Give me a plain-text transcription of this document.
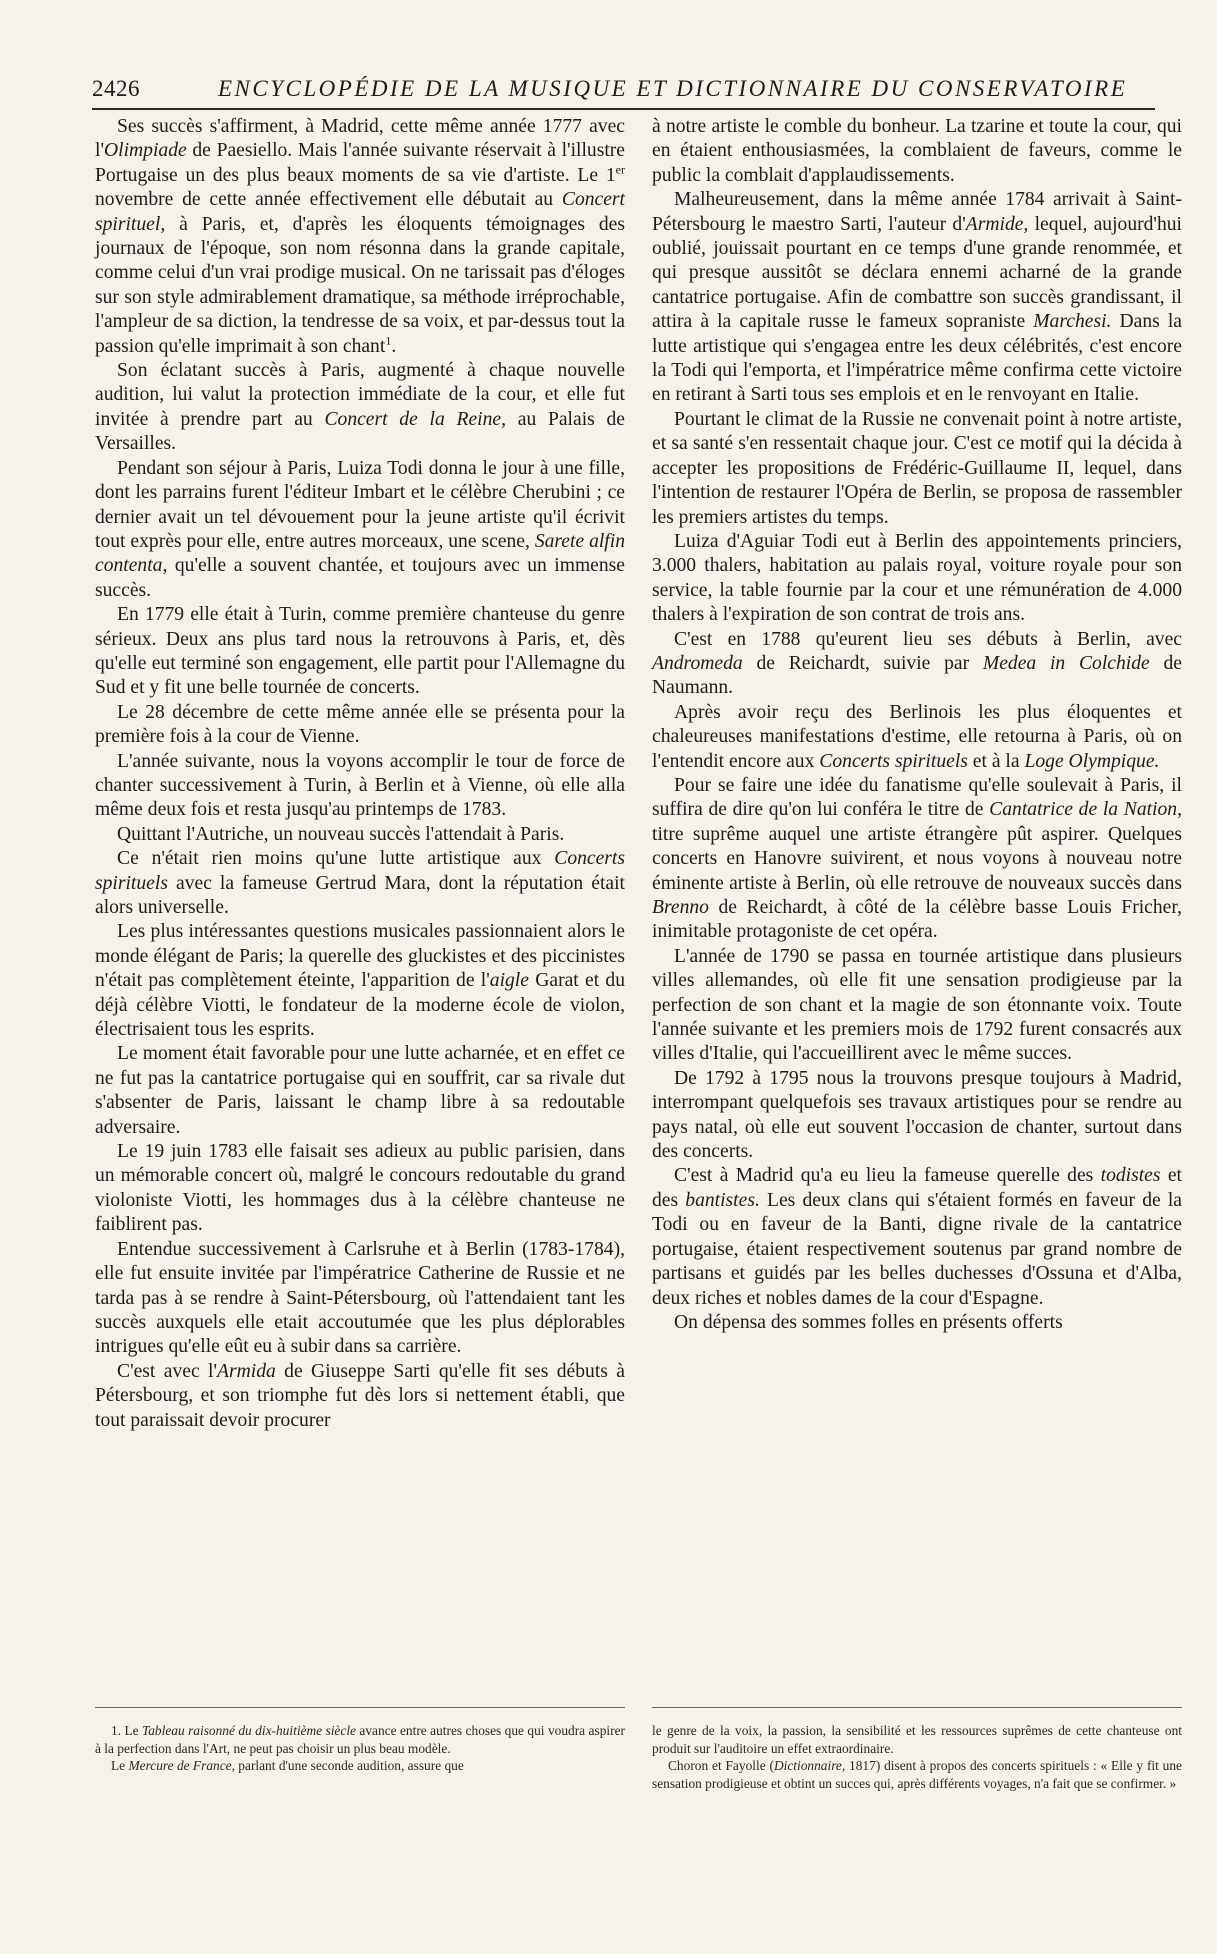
2426	ENCYCLOPÉDIE DE LA MUSIQUE ET DICTIONNAIRE DU CONSERVATOIRE

Ses succès s'affirment, à Madrid, cette même année 1777 avec l'Olimpiade de Paesiello. Mais l'année suivante réservait à l'illustre Portugaise un des plus beaux moments de sa vie d'artiste. Le 1er novembre de cette année effectivement elle débutait au Concert spirituel, à Paris, et, d'après les éloquents témoignages des journaux de l'époque, son nom résonna dans la grande capitale, comme celui d'un vrai prodige musical. On ne tarissait pas d'éloges sur son style admirablement dramatique, sa méthode irréprochable, l'ampleur de sa diction, la tendresse de sa voix, et par-dessus tout la passion qu'elle imprimait à son chant$^1$.

Son éclatant succès à Paris, augmenté à chaque nouvelle audition, lui valut la protection immédiate de la cour, et elle fut invitée à prendre part au Concert de la Reine, au Palais de Versailles.

Pendant son séjour à Paris, Luiza Todi donna le jour à une fille, dont les parrains furent l'éditeur Imbart et le célèbre Cherubini ; ce dernier avait un tel dévouement pour la jeune artiste qu'il écrivit tout exprès pour elle, entre autres morceaux, une scene, Sarete alfin contenta, qu'elle a souvent chantée, et toujours avec un immense succès.

En 1779 elle était à Turin, comme première chanteuse du genre sérieux. Deux ans plus tard nous la retrouvons à Paris, et, dès qu'elle eut terminé son engagement, elle partit pour l'Allemagne du Sud et y fit une belle tournée de concerts.

Le 28 décembre de cette même année elle se présenta pour la première fois à la cour de Vienne.

L'année suivante, nous la voyons accomplir le tour de force de chanter successivement à Turin, à Berlin et à Vienne, où elle alla même deux fois et resta jusqu'au printemps de 1783.

Quittant l'Autriche, un nouveau succès l'attendait à Paris.

Ce n'était rien moins qu'une lutte artistique aux Concerts spirituels avec la fameuse Gertrud Mara, dont la réputation était alors universelle.

Les plus intéressantes questions musicales passionnaient alors le monde élégant de Paris; la querelle des gluckistes et des piccinistes n'était pas complètement éteinte, l'apparition de l'aigle Garat et du déjà célèbre Viotti, le fondateur de la moderne école de violon, électrisaient tous les esprits.

Le moment était favorable pour une lutte acharnée, et en effet ce ne fut pas la cantatrice portugaise qui en souffrit, car sa rivale dut s'absenter de Paris, laissant le champ libre à sa redoutable adversaire.

Le 19 juin 1783 elle faisait ses adieux au public parisien, dans un mémorable concert où, malgré le concours redoutable du grand violoniste Viotti, les hommages dus à la célèbre chanteuse ne faiblirent pas.

Entendue successivement à Carlsruhe et à Berlin (1783-1784), elle fut ensuite invitée par l'impératrice Catherine de Russie et ne tarda pas à se rendre à Saint-Pétersbourg, où l'attendaient tant les succès auxquels elle etait accoutumée que les plus déplorables intrigues qu'elle eût eu à subir dans sa carrière.

C'est avec l'Armida de Giuseppe Sarti qu'elle fit ses débuts à Pétersbourg, et son triomphe fut dès lors si nettement établi, que tout paraissait devoir procurer

à notre artiste le comble du bonheur. La tzarine et toute la cour, qui en étaient enthousiasmées, la comblaient de faveurs, comme le public la comblait d'applaudissements.

Malheureusement, dans la même année 1784 arrivait à Saint-Pétersbourg le maestro Sarti, l'auteur d'Armide, lequel, aujourd'hui oublié, jouissait pourtant en ce temps d'une grande renommée, et qui presque aussitôt se déclara ennemi acharné de la grande cantatrice portugaise. Afin de combattre son succès grandissant, il attira à la capitale russe le fameux sopraniste Marchesi. Dans la lutte artistique qui s'engagea entre les deux célébrités, c'est encore la Todi qui l'emporta, et l'impératrice même confirma cette victoire en retirant à Sarti tous ses emplois et en le renvoyant en Italie.

Pourtant le climat de la Russie ne convenait point à notre artiste, et sa santé s'en ressentait chaque jour. C'est ce motif qui la décida à accepter les propositions de Frédéric-Guillaume II, lequel, dans l'intention de restaurer l'Opéra de Berlin, se proposa de rassembler les premiers artistes du temps.

Luiza d'Aguiar Todi eut à Berlin des appointements princiers, 3.000 thalers, habitation au palais royal, voiture royale pour son service, la table fournie par la cour et une rémunération de 4.000 thalers à l'expiration de son contrat de trois ans.

C'est en 1788 qu'eurent lieu ses débuts à Berlin, avec Andromeda de Reichardt, suivie par Medea in Colchide de Naumann.

Après avoir reçu des Berlinois les plus éloquentes et chaleureuses manifestations d'estime, elle retourna à Paris, où on l'entendit encore aux Concerts spirituels et à la Loge Olympique.

Pour se faire une idée du fanatisme qu'elle soulevait à Paris, il suffira de dire qu'on lui conféra le titre de Cantatrice de la Nation, titre suprême auquel une artiste étrangère pût aspirer. Quelques concerts en Hanovre suivirent, et nous voyons à nouveau notre éminente artiste à Berlin, où elle retrouve de nouveaux succès dans Brenno de Reichardt, à côté de la célèbre basse Louis Fricher, inimitable protagoniste de cet opéra.

L'année de 1790 se passa en tournée artistique dans plusieurs villes allemandes, où elle fit une sensation prodigieuse par la perfection de son chant et la magie de son étonnante voix. Toute l'année suivante et les premiers mois de 1792 furent consacrés aux villes d'Italie, qui l'accueillirent avec le même succes.

De 1792 à 1795 nous la trouvons presque toujours à Madrid, interrompant quelquefois ses travaux artistiques pour se rendre au pays natal, où elle eut souvent l'occasion de chanter, surtout dans des concerts.

C'est à Madrid qu'a eu lieu la fameuse querelle des todistes et des bantistes. Les deux clans qui s'étaient formés en faveur de la Todi ou en faveur de la Banti, digne rivale de la cantatrice portugaise, étaient respectivement soutenus par grand nombre de partisans et guidés par les belles duchesses d'Ossuna et d'Alba, deux riches et nobles dames de la cour d'Espagne.

On dépensa des sommes folles en présents offerts

1. Le Tableau raisonné du dix-huitième siècle avance entre autres choses que qui voudra aspirer à la perfection dans l'Art, ne peut pas choisir un plus beau modèle.

Le Mercure de France, parlant d'une seconde audition, assure que

le genre de la voix, la passion, la sensibilité et les ressources suprêmes de cette chanteuse ont produit sur l'auditoire un effet extraordinaire.

Choron et Fayolle (Dictionnaire, 1817) disent à propos des concerts spirituels : « Elle y fit une sensation prodigieuse et obtint un succes qui, après différents voyages, n'a fait que se confirmer. »
